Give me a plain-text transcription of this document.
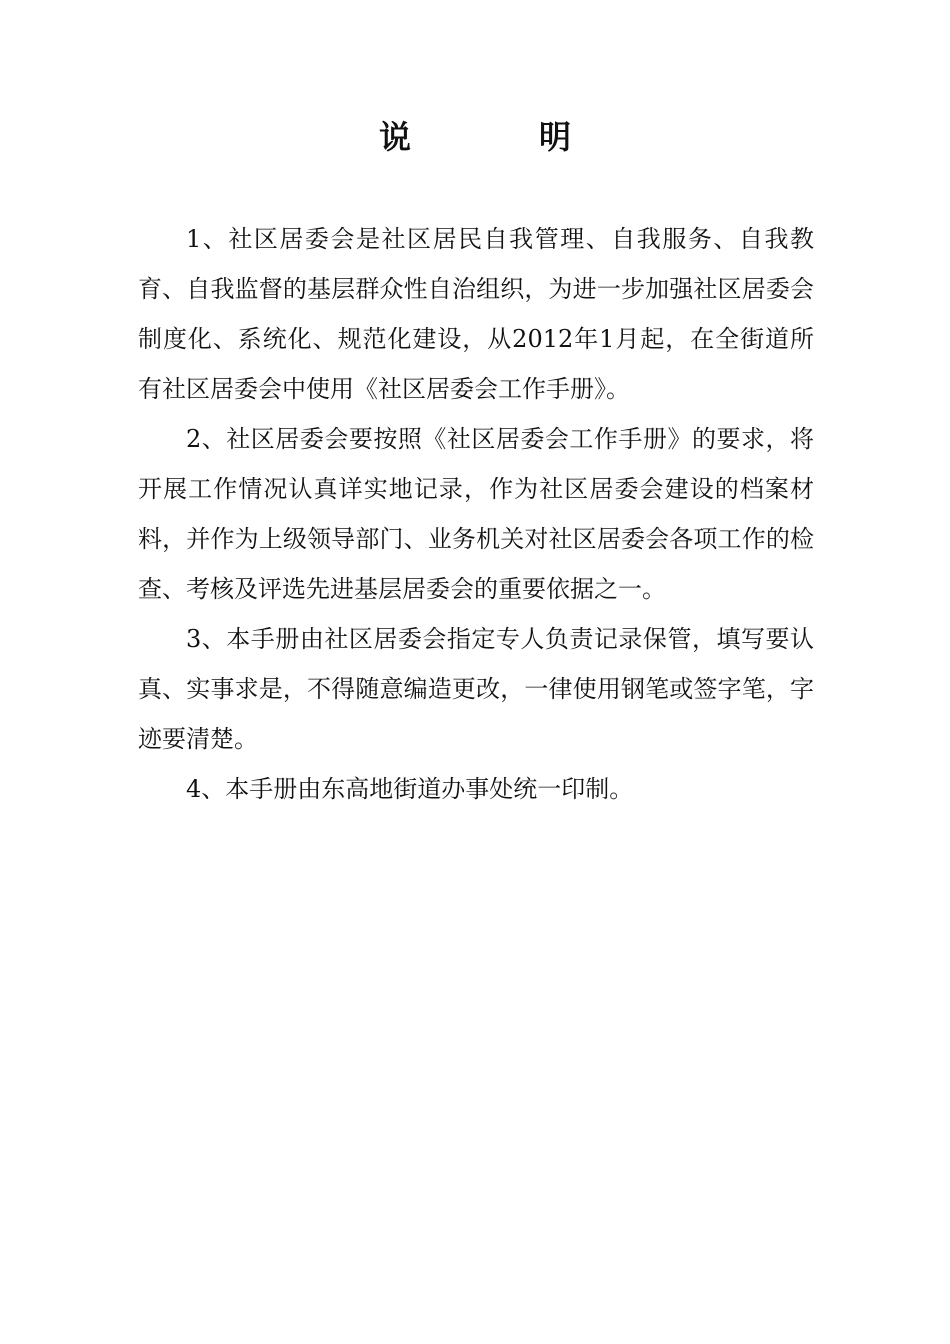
说　明

1、社区居委会是社区居民自我管理、自我服务、自我教育、自我监督的基层群众性自治组织，为进一步加强社区居委会制度化、系统化、规范化建设，从2012年1月起，在全街道所有社区居委会中使用《社区居委会工作手册》。

2、社区居委会要按照《社区居委会工作手册》的要求，将开展工作情况认真详实地记录，作为社区居委会建设的档案材料，并作为上级领导部门、业务机关对社区居委会各项工作的检查、考核及评选先进基层居委会的重要依据之一。

3、本手册由社区居委会指定专人负责记录保管，填写要认真、实事求是，不得随意编造更改，一律使用钢笔或签字笔，字迹要清楚。

4、本手册由东高地街道办事处统一印制。
